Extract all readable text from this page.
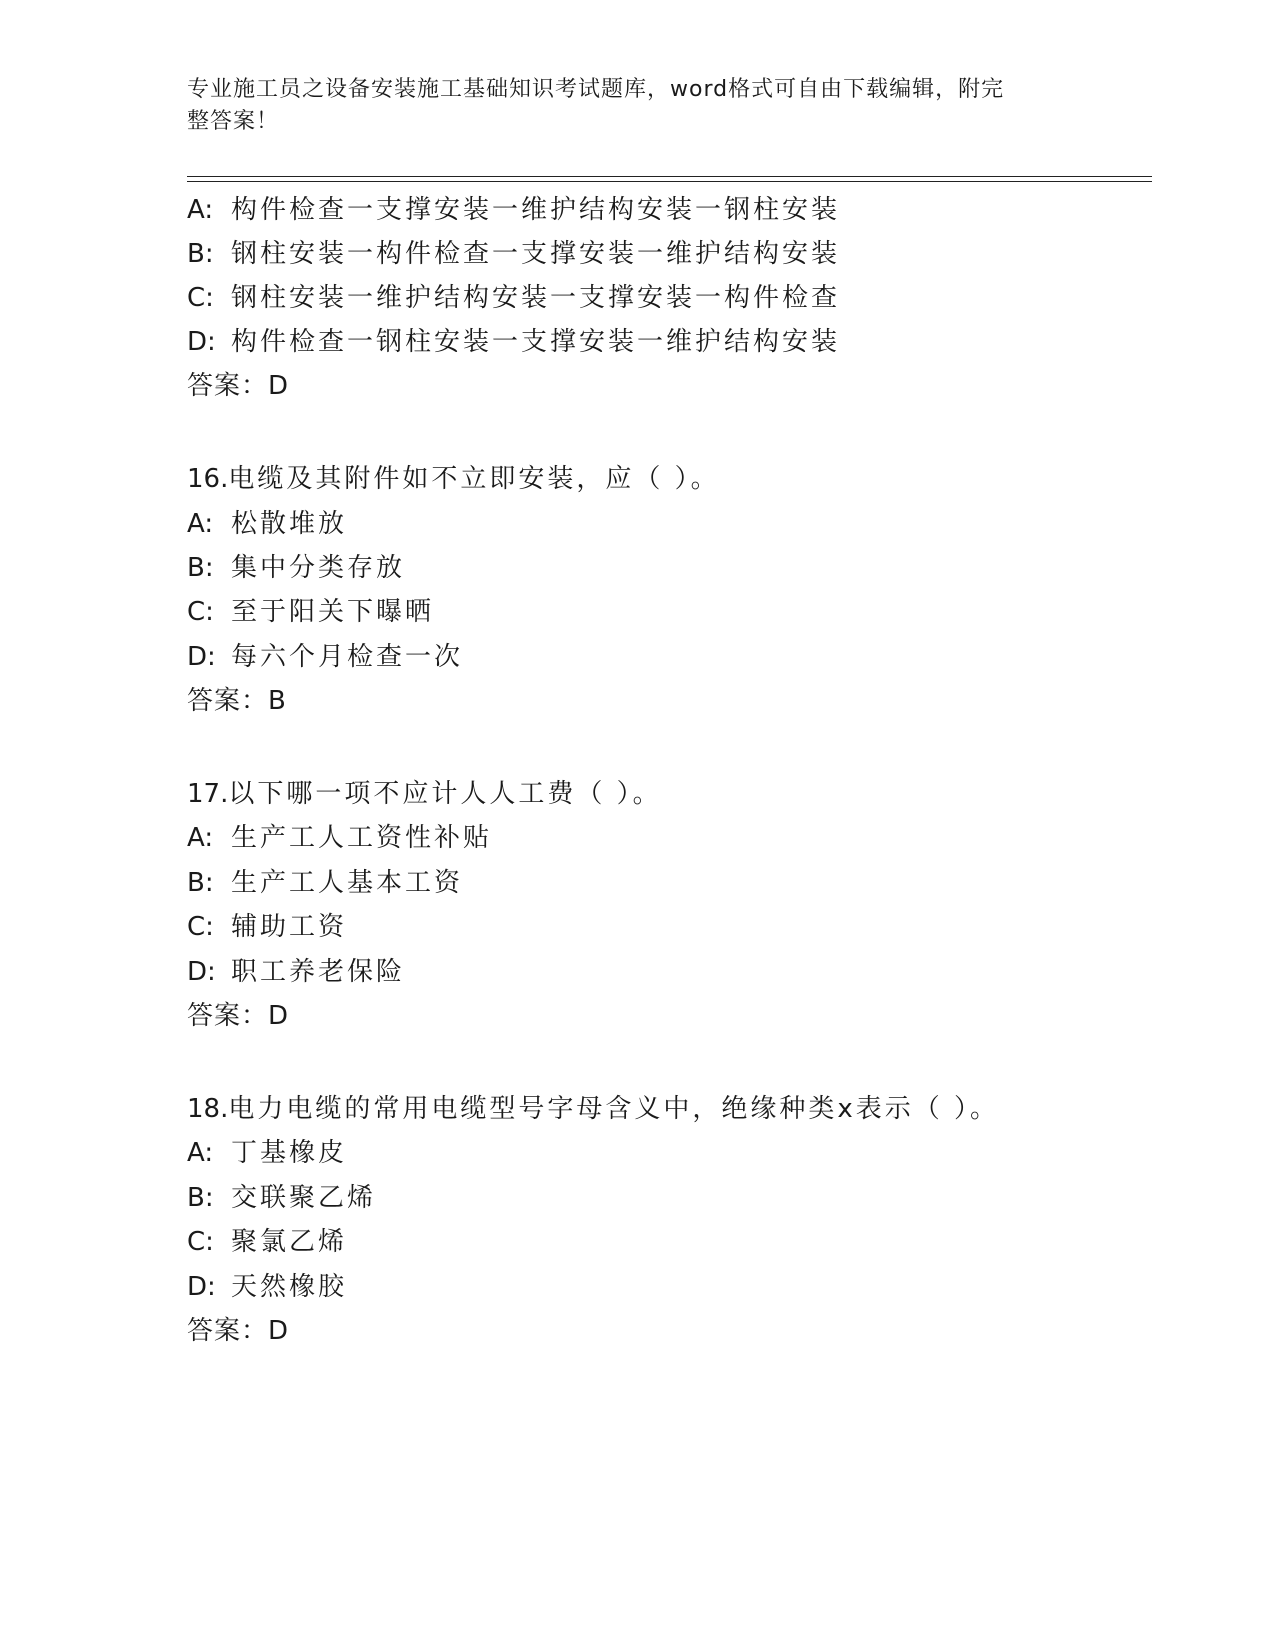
专业施工员之设备安装施工基础知识考试题库，word格式可自由下载编辑，附完
整答案！
A: 构件检查一支撑安装一维护结构安装一钢柱安装
B: 钢柱安装一构件检查一支撑安装一维护结构安装
C: 钢柱安装一维护结构安装一支撑安装一构件检查
D: 构件检查一钢柱安装一支撑安装一维护结构安装
答案：D
16.电缆及其附件如不立即安装，应（ ）。
A: 松散堆放
B: 集中分类存放
C: 至于阳关下曝晒
D: 每六个月检查一次
答案：B
17.以下哪一项不应计人人工费（ ）。
A: 生产工人工资性补贴
B: 生产工人基本工资
C: 辅助工资
D: 职工养老保险
答案：D
18.电力电缆的常用电缆型号字母含义中，绝缘种类x表示（ ）。
A: 丁基橡皮
B: 交联聚乙烯
C: 聚氯乙烯
D: 天然橡胶
答案：D
